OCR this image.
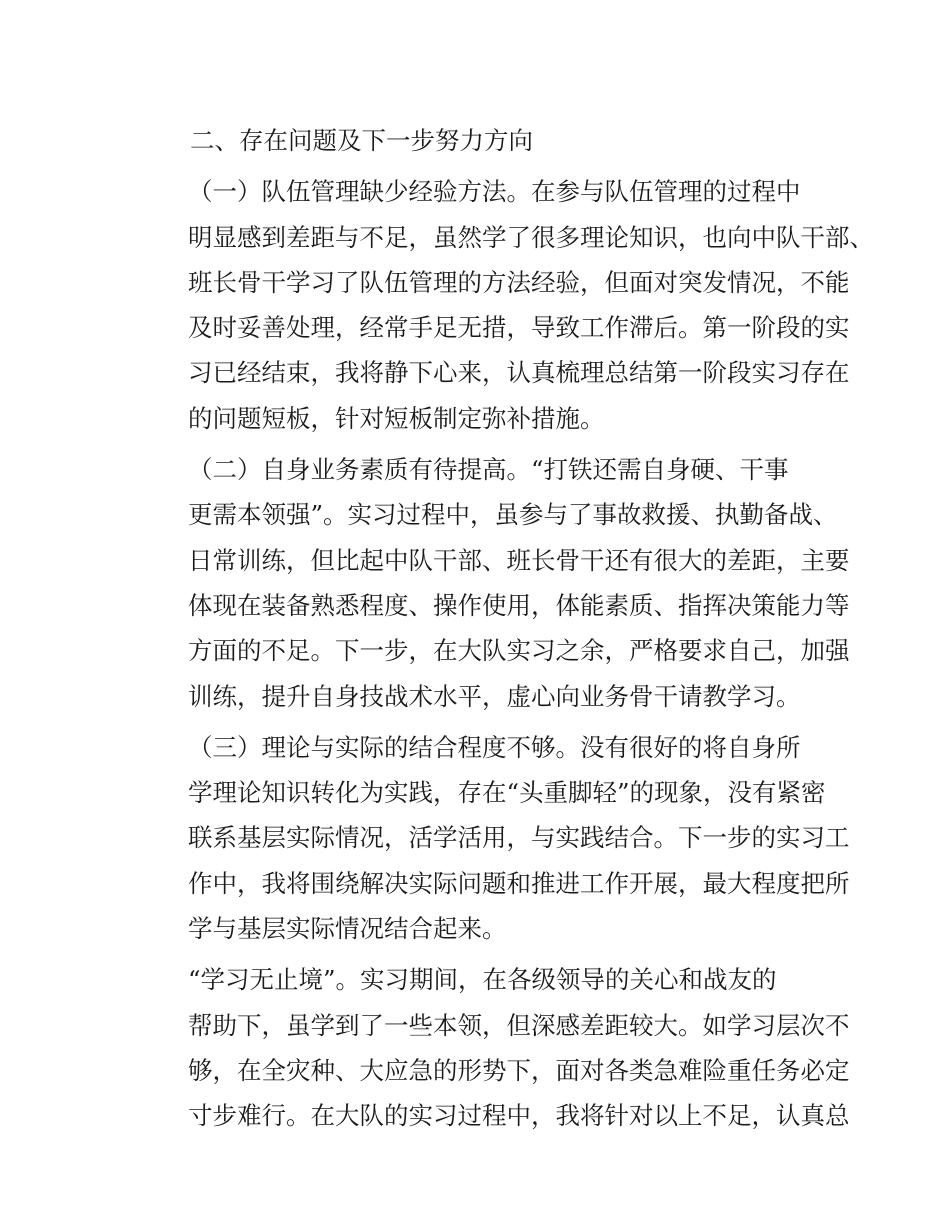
二、存在问题及下一步努力方向

（一）队伍管理缺少经验方法。在参与队伍管理的过程中
明显感到差距与不足，虽然学了很多理论知识，也向中队干部、
班长骨干学习了队伍管理的方法经验，但面对突发情况，不能
及时妥善处理，经常手足无措，导致工作滞后。第一阶段的实
习已经结束，我将静下心来，认真梳理总结第一阶段实习存在
的问题短板，针对短板制定弥补措施。
（二）自身业务素质有待提高。“打铁还需自身硬、干事
更需本领强”。实习过程中，虽参与了事故救援、执勤备战、
日常训练，但比起中队干部、班长骨干还有很大的差距，主要
体现在装备熟悉程度、操作使用，体能素质、指挥决策能力等
方面的不足。下一步，在大队实习之余，严格要求自己，加强
训练，提升自身技战术水平，虚心向业务骨干请教学习。
（三）理论与实际的结合程度不够。没有很好的将自身所
学理论知识转化为实践，存在“头重脚轻”的现象，没有紧密
联系基层实际情况，活学活用，与实践结合。下一步的实习工
作中，我将围绕解决实际问题和推进工作开展，最大程度把所
学与基层实际情况结合起来。
“学习无止境”。实习期间，在各级领导的关心和战友的
帮助下，虽学到了一些本领，但深感差距较大。如学习层次不
够，在全灾种、大应急的形势下，面对各类急难险重任务必定
寸步难行。在大队的实习过程中，我将针对以上不足，认真总
